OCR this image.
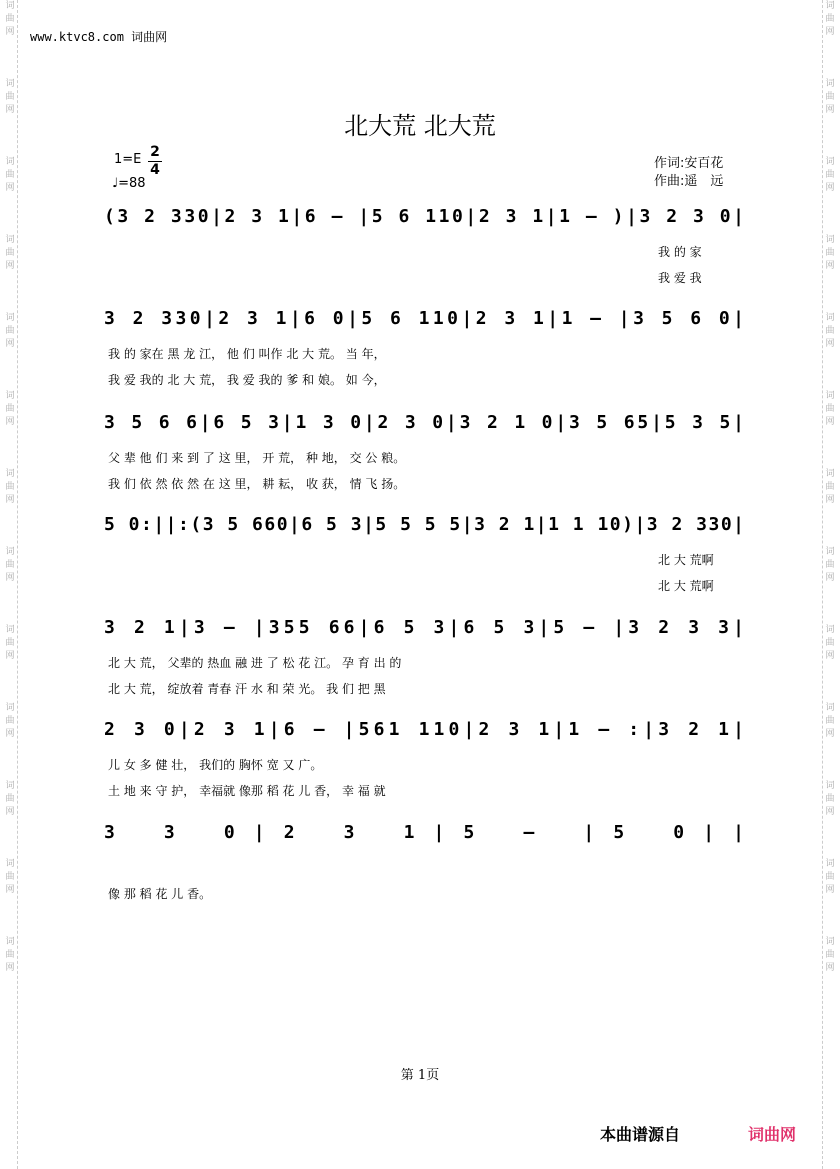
词曲网

词曲网

词曲网

词曲网

词曲网

词曲网

词曲网

词曲网

词曲网

词曲网

词曲网

词曲网

词曲网
词曲网

词曲网

词曲网

词曲网

词曲网

词曲网

词曲网

词曲网

词曲网

词曲网

词曲网

词曲网

词曲网
www.ktvc8.com 词曲网
北大荒 北大荒
1=E 2
4
♩=88
作词:安百花
作曲:遥　远
(3 2 330|2 3 1|6 – |5 6 110|2 3 1|1 – )|3 2 3 0|
我 的 家
我 爱 我
3 2 330|2 3 1|6 0|5 6 110|2 3 1|1 – |3 5 6 0|
我 的 家在 黑 龙 江， 他 们 叫作 北 大 荒。 当 年，
我 爱 我的 北 大 荒， 我 爱 我的 爹 和 娘。 如 今，
3 5 6 6|6 5 3|1 3 0|2 3 0|3 2 1 0|3 5 65|5 3 5|
父 辈 他 们 来 到 了 这 里， 开 荒， 种 地， 交 公 粮。
我 们 依 然 依 然 在 这 里， 耕 耘， 收 获， 情 飞 扬。
5 0:||:(3 5 660|6 5 3|5 5 5 5|3 2 1|1 1 10)|3 2 330|
北 大 荒啊
北 大 荒啊
3 2 1|3 – |355 66|6 5 3|6 5 3|5 – |3 2 3 3|
北 大 荒， 父辈的 热血 融 进 了 松 花 江。 孕 育 出 的
北 大 荒， 绽放着 青春 汗 水 和 荣 光。 我 们 把 黑
2 3 0|2 3 1|6 – |561 110|2 3 1|1 – :|3 2 1|
儿 女 多 健 壮， 我们的 胸怀 宽 又 广。
土 地 来 守 护， 幸福就 像那 稻 花 儿 香， 幸 福 就
3 3 0|2 3 1|5 – |5 0||
像 那 稻 花 儿 香。
第 1页
本曲谱源自	词曲网
